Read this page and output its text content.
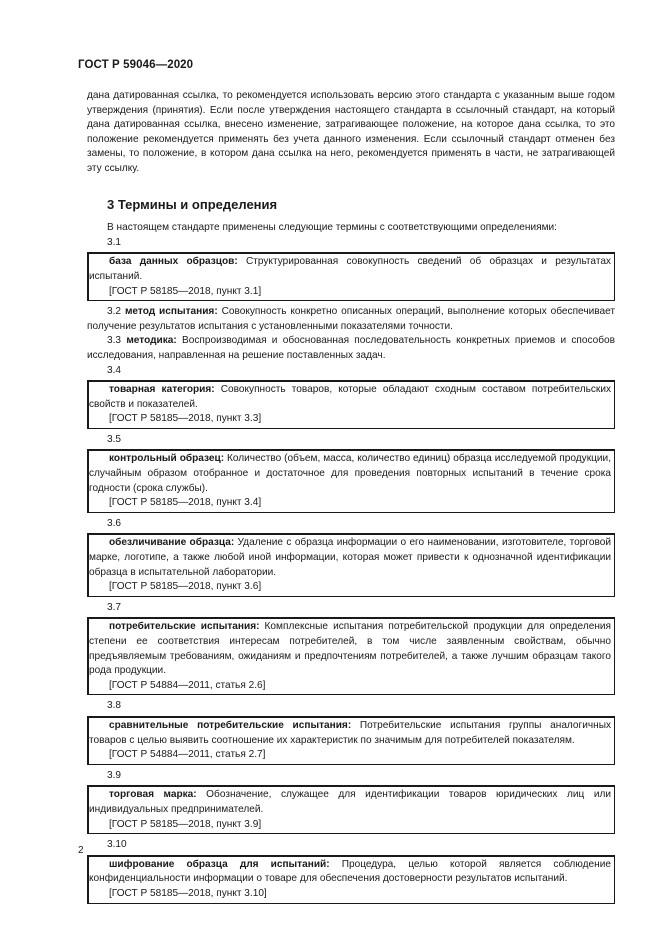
ГОСТ Р 59046—2020
дана датированная ссылка, то рекомендуется использовать версию этого стандарта с указанным выше годом утверждения (принятия). Если после утверждения настоящего стандарта в ссылочный стандарт, на который дана датированная ссылка, внесено изменение, затрагивающее положение, на которое дана ссылка, то это положение рекомендуется применять без учета данного изменения. Если ссылочный стандарт отменен без замены, то положение, в котором дана ссылка на него, рекомендуется применять в части, не затрагивающей эту ссылку.
3 Термины и определения
В настоящем стандарте применены следующие термины с соответствующими определениями:
3.1
база данных образцов: Структурированная совокупность сведений об образцах и результатах испытаний.
[ГОСТ Р 58185—2018, пункт 3.1]
3.2 метод испытания: Совокупность конкретно описанных операций, выполнение которых обеспечивает получение результатов испытания с установленными показателями точности.
3.3 методика: Воспроизводимая и обоснованная последовательность конкретных приемов и способов исследования, направленная на решение поставленных задач.
3.4
товарная категория: Совокупность товаров, которые обладают сходным составом потребительских свойств и показателей.
[ГОСТ Р 58185—2018, пункт 3.3]
3.5
контрольный образец: Количество (объем, масса, количество единиц) образца исследуемой продукции, случайным образом отобранное и достаточное для проведения повторных испытаний в течение срока годности (срока службы).
[ГОСТ Р 58185—2018, пункт 3.4]
3.6
обезличивание образца: Удаление с образца информации о его наименовании, изготовителе, торговой марке, логотипе, а также любой иной информации, которая может привести к однозначной идентификации образца в испытательной лаборатории.
[ГОСТ Р 58185—2018, пункт 3.6]
3.7
потребительские испытания: Комплексные испытания потребительской продукции для определения степени ее соответствия интересам потребителей, в том числе заявленным свойствам, обычно предъявляемым требованиям, ожиданиям и предпочтениям потребителей, а также лучшим образцам такого рода продукции.
[ГОСТ Р 54884—2011, статья 2.6]
3.8
сравнительные потребительские испытания: Потребительские испытания группы аналогичных товаров с целью выявить соотношение их характеристик по значимым для потребителей показателям.
[ГОСТ Р 54884—2011, статья 2.7]
3.9
торговая марка: Обозначение, служащее для идентификации товаров юридических лиц или индивидуальных предпринимателей.
[ГОСТ Р 58185—2018, пункт 3.9]
3.10
шифрование образца для испытаний: Процедура, целью которой является соблюдение конфиденциальности информации о товаре для обеспечения достоверности результатов испытаний.
[ГОСТ Р 58185—2018, пункт 3.10]
2
